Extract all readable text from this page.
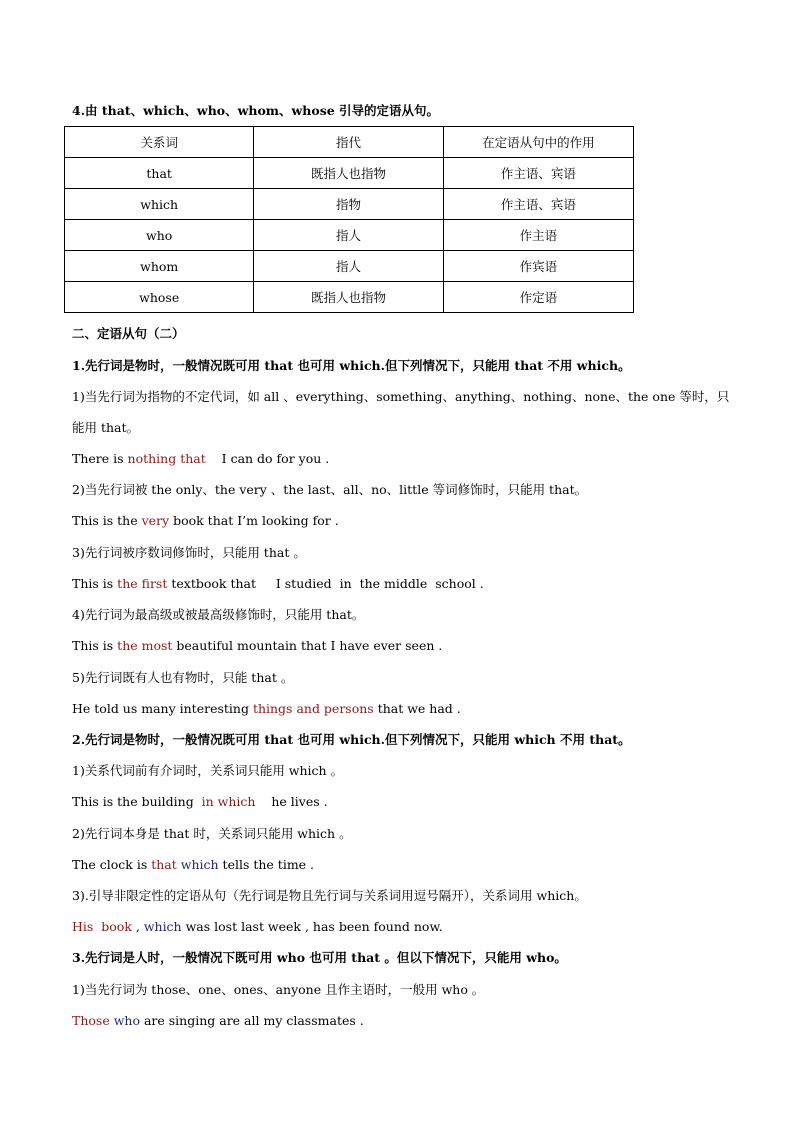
4.由 that、which、who、whom、whose 引导的定语从句。
关系词	指代	在定语从句中的作用
that	既指人也指物	作主语、宾语
which	指物	作主语、宾语
who	指人	作主语
whom	指人	作宾语
whose	既指人也指物	作定语
二、定语从句（二）
1.先行词是物时，一般情况既可用 that 也可用 which.但下列情况下，只能用 that 不用 which。
1)当先行词为指物的不定代词，如 all 、everything、something、anything、nothing、none、the one 等时，只能用 that。
There is nothing that    I can do for you .
2)当先行词被 the only、the very 、the last、all、no、little 等词修饰时，只能用 that。
This is the very book that I’m looking for .
3)先行词被序数词修饰时，只能用 that 。
This is the first textbook that     I studied  in  the middle  school .
4)先行词为最高级或被最高级修饰时，只能用 that。
This is the most beautiful mountain that I have ever seen .
5)先行词既有人也有物时，只能 that 。
He told us many interesting things and persons that we had .
2.先行词是物时，一般情况既可用 that 也可用 which.但下列情况下，只能用 which 不用 that。
1)关系代词前有介词时，关系词只能用 which 。
This is the building  in which    he lives .
2)先行词本身是 that 时，关系词只能用 which 。
The clock is that which tells the time .
3).引导非限定性的定语从句（先行词是物且先行词与关系词用逗号隔开），关系词用 which。
His  book , which was lost last week , has been found now.
3.先行词是人时，一般情况下既可用 who 也可用 that 。但以下情况下，只能用 who。
1)当先行词为 those、one、ones、anyone 且作主语时，一般用 who 。
Those who are singing are all my classmates .
